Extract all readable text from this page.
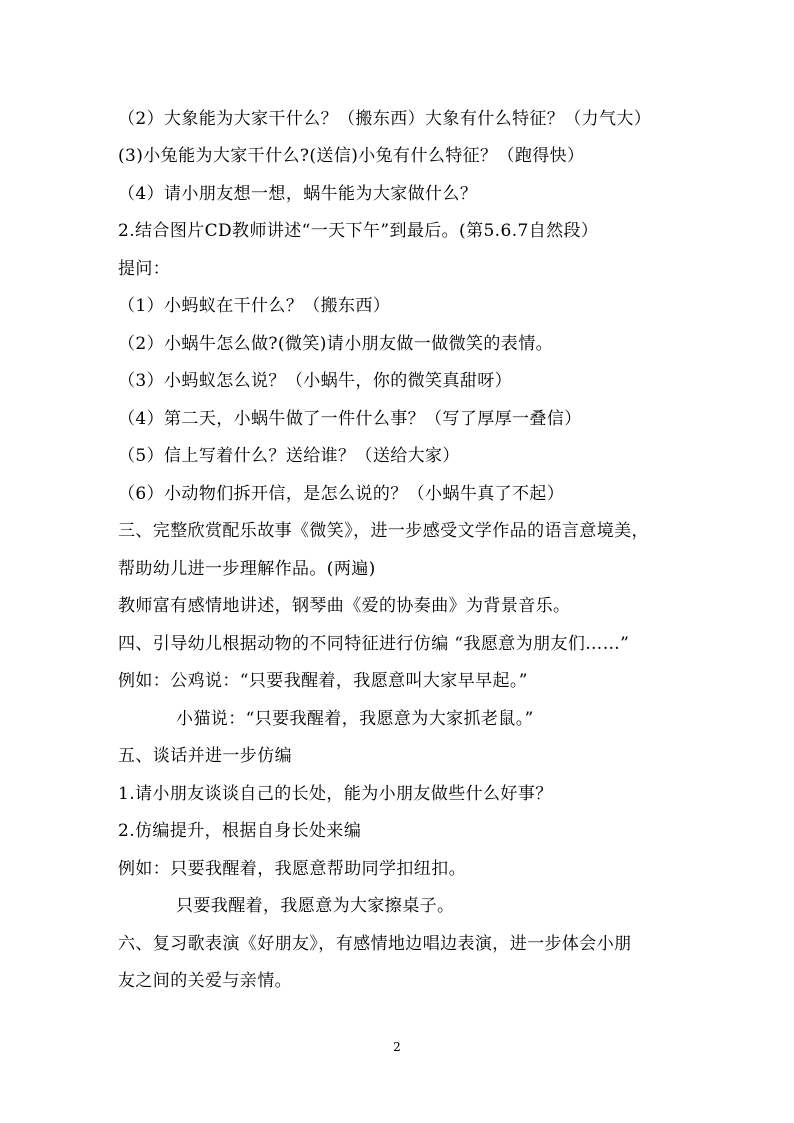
（2）大象能为大家干什么？（搬东西）大象有什么特征？（力气大）
(3)小兔能为大家干什么?(送信)小兔有什么特征？（跑得快）
（4）请小朋友想一想，蜗牛能为大家做什么？
2.结合图片CD教师讲述“一天下午”到最后。(第5.6.7自然段）
提问：
（1）小蚂蚁在干什么？（搬东西）
（2）小蜗牛怎么做?(微笑)请小朋友做一做微笑的表情。
（3）小蚂蚁怎么说？（小蜗牛，你的微笑真甜呀）
（4）第二天，小蜗牛做了一件什么事？（写了厚厚一叠信）
（5）信上写着什么？送给谁？（送给大家）
（6）小动物们拆开信，是怎么说的？（小蜗牛真了不起）
三、完整欣赏配乐故事《微笑》，进一步感受文学作品的语言意境美，
帮助幼儿进一步理解作品。(两遍)
教师富有感情地讲述，钢琴曲《爱的协奏曲》为背景音乐。
四、引导幼儿根据动物的不同特征进行仿编 “我愿意为朋友们……”
例如：公鸡说：“只要我醒着，我愿意叫大家早早起。”
小猫说：“只要我醒着，我愿意为大家抓老鼠。”
五、谈话并进一步仿编
1.请小朋友谈谈自己的长处，能为小朋友做些什么好事？
2.仿编提升，根据自身长处来编
例如：只要我醒着，我愿意帮助同学扣纽扣。
只要我醒着，我愿意为大家擦桌子。
六、复习歌表演《好朋友》，有感情地边唱边表演，进一步体会小朋
友之间的关爱与亲情。
2
